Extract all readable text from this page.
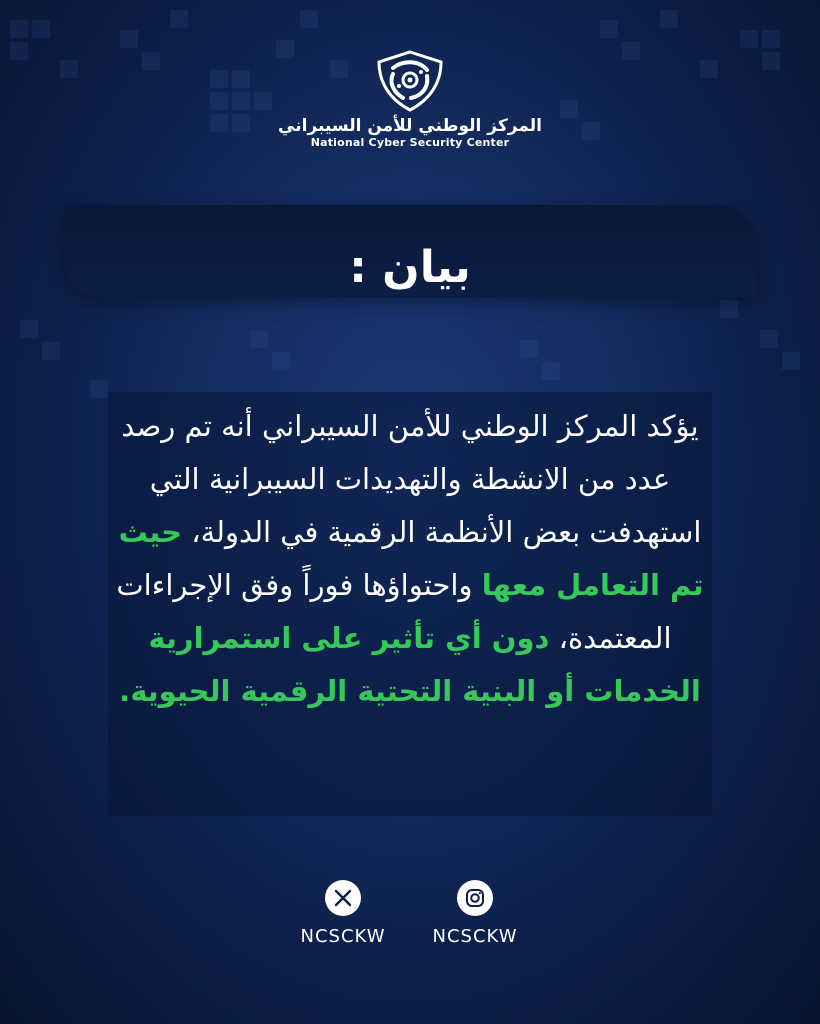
المركز الوطني للأمن السيبراني
National Cyber Security Center
بيان :
يؤكد المركز الوطني للأمن السيبراني أنه تم رصد عدد من الانشطة والتهديدات السيبرانية التي استهدفت بعض الأنظمة الرقمية في الدولة، حيث تم التعامل معها واحتواؤها فوراً وفق الإجراءات المعتمدة، دون أي تأثير على استمرارية الخدمات أو البنية التحتية الرقمية الحيوية.
NCSCKW	NCSCKW
